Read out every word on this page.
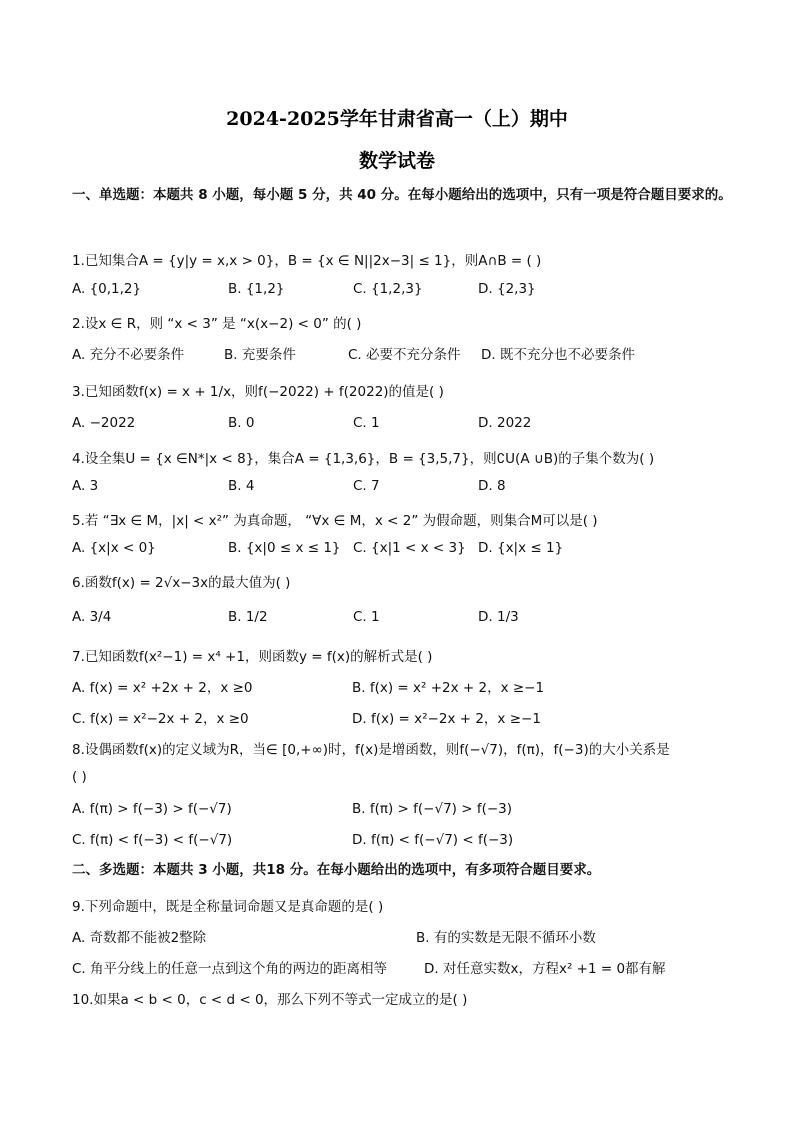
2024-2025学年甘肃省高一（上）期中
数学试卷
一、单选题：本题共 8 小题，每小题 5 分，共 40 分。在每小题给出的选项中，只有一项是符合题目要求的。
1.已知集合A = {y|y = x,x > 0}，B = {x ∈ N||2x−3| ≤ 1}，则A∩B = ( )
A. {0,1,2}	B. {1,2}	C. {1,2,3}	D. {2,3}
2.设x ∈ R，则 “x < 3” 是 “x(x−2) < 0” 的( )
A. 充分不必要条件	B. 充要条件	C. 必要不充分条件 D. 既不充分也不必要条件
3.已知函数f(x) = x + 1/x，则f(−2022) + f(2022)的值是( )
A. −2022	B. 0	C. 1	D. 2022
4.设全集U = {x ∈N*|x < 8}，集合A = {1,3,6}，B = {3,5,7}，则∁U(A ∪B)的子集个数为( )
A. 3	B. 4	C. 7	D. 8
5.若 “∃x ∈ M，|x| < x²” 为真命题， “∀x ∈ M，x < 2” 为假命题，则集合M可以是( )
A. {x|x < 0}	B. {x|0 ≤ x ≤ 1} C. {x|1 < x < 3} D. {x|x ≤ 1}
6.函数f(x) = 2√x−3x的最大值为( )
A. 3/4	B. 1/2	C. 1	D. 1/3
7.已知函数f(x²−1) = x⁴ +1，则函数y = f(x)的解析式是( )
A. f(x) = x² +2x + 2，x ≥0	B. f(x) = x² +2x + 2，x ≥−1
C. f(x) = x²−2x + 2，x ≥0	D. f(x) = x²−2x + 2，x ≥−1
8.设偶函数f(x)的定义域为R，当∈ [0,+∞)时，f(x)是增函数，则f(−√7)，f(π)，f(−3)的大小关系是
( )
A. f(π) > f(−3) > f(−√7)	B. f(π) > f(−√7) > f(−3)
C. f(π) < f(−3) < f(−√7)	D. f(π) < f(−√7) < f(−3)
二、多选题：本题共 3 小题，共18 分。在每小题给出的选项中，有多项符合题目要求。
9.下列命题中，既是全称量词命题又是真命题的是( )
A. 奇数都不能被2整除	B. 有的实数是无限不循环小数
C. 角平分线上的任意一点到这个角的两边的距离相等	D. 对任意实数x，方程x² +1 = 0都有解
10.如果a < b < 0，c < d < 0，那么下列不等式一定成立的是( )
